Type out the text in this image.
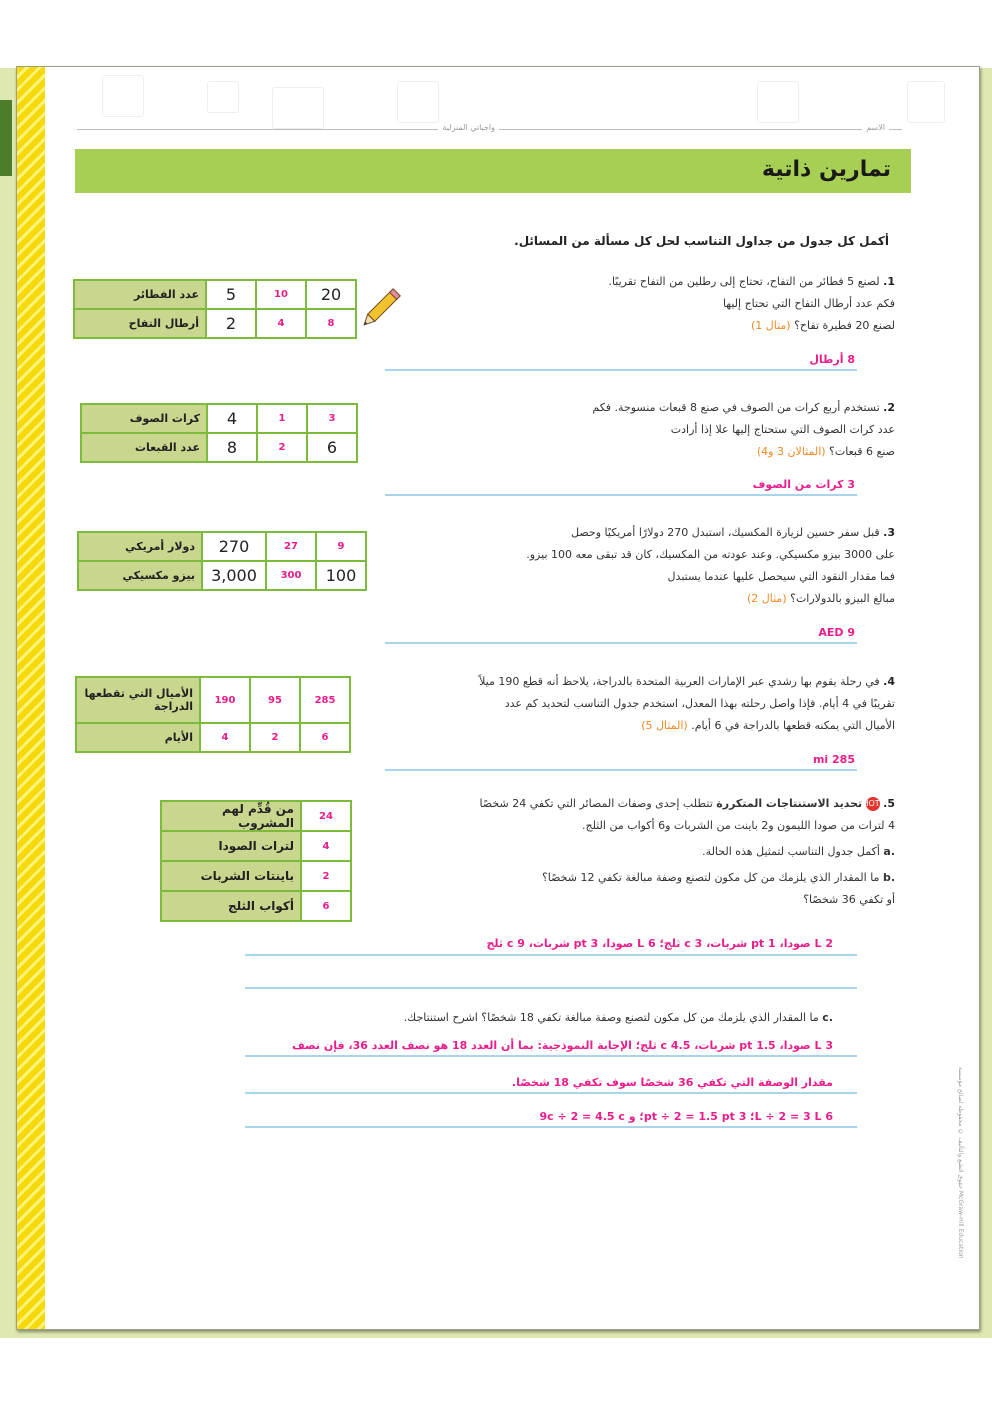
الاسم
واجباتي المنزلية
تمارين ذاتية
أكمل كل جدول من جداول التناسب لحل كل مسألة من المسائل.
1. لصنع 5 فطائر من التفاح، تحتاج إلى رطلين من التفاح تقريبًا.
فكم عدد أرطال التفاح التي تحتاج إليها
لصنع 20 فطيرة تفاح؟ (مثال 1)
8 أرطال
عدد الفطائر	5	10	20
أرطال التفاح	2	4	8
2. تستخدم أربع كرات من الصوف في صنع 8 قبعات منسوجة. فكم
عدد كرات الصوف التي ستحتاج إليها علا إذا أرادت
صنع 6 قبعات؟ (المثالان 3 و4)
3 كرات من الصوف
كرات الصوف	4	1	3
عدد القبعات	8	2	6
3. قبل سفر حسين لزيارة المكسيك، استبدل 270 دولارًا أمريكيًا وحصل
على 3000 بيزو مكسيكي. وعند عودته من المكسيك، كان قد تبقى معه 100 بيزو.
فما مقدار النقود التي سيحصل عليها عندما يستبدل
مبالغ البيزو بالدولارات؟ (مثال 2)
AED 9
دولار أمريكي	270	27	9
بيزو مكسيكي	3,000	300	100
4. في رحلة يقوم بها رشدي عبر الإمارات العربية المتحدة بالدراجة، يلاحظ أنه قطع 190 ميلاً
تقريبًا في 4 أيام. فإذا واصل رحلته بهذا المعدل، استخدم جدول التناسب لتحديد كم عدد
الأميال التي يمكنه قطعها بالدراجة في 6 أيام. (المثال 5)
285 mi
الأميال التي تقطعها الدراجة	190	95	285
الأيام	4	2	6
5. HOT تحديد الاستنتاجات المتكررة تتطلب إحدى وصفات المصائر التي تكفي 24 شخصًا
4 لترات من صودا الليمون و2 باينت من الشربات و6 أكواب من الثلج.
.a أكمل جدول التناسب لتمثيل هذه الحالة.
.b ما المقدار الذي يلزمك من كل مكون لتصنع وصفة مبالغة تكفي 12 شخصًا؟
أو تكفي 36 شخصًا؟
2 L صودا، 1 pt شربات، 3 c ثلج؛ 6 L صودا، 3 pt شربات، 9 c ثلج
.c ما المقدار الذي يلزمك من كل مكون لتصنع وصفة مبالغة تكفي 18 شخصًا؟ اشرح استنتاجك.
3 L صودا، 1.5 pt شربات، 4.5 c ثلج؛ الإجابة النموذجية: بما أن العدد 18 هو نصف العدد 36، فإن نصف
مقدار الوصفة التي تكفي 36 شخصًا سوف تكفي 18 شخصًا.
6 L ÷ 2 = 3 L؛ 3 pt ÷ 2 = 1.5 pt؛ و 9c ÷ 2 = 4.5 c
من قُدِّم لهم المشروب	24
لترات الصودا	4
باينتات الشربات	2
أكواب الثلج	6
حقوق الطبع والتأليف © محفوظة لصالح مؤسسة McGraw-Hill Education
